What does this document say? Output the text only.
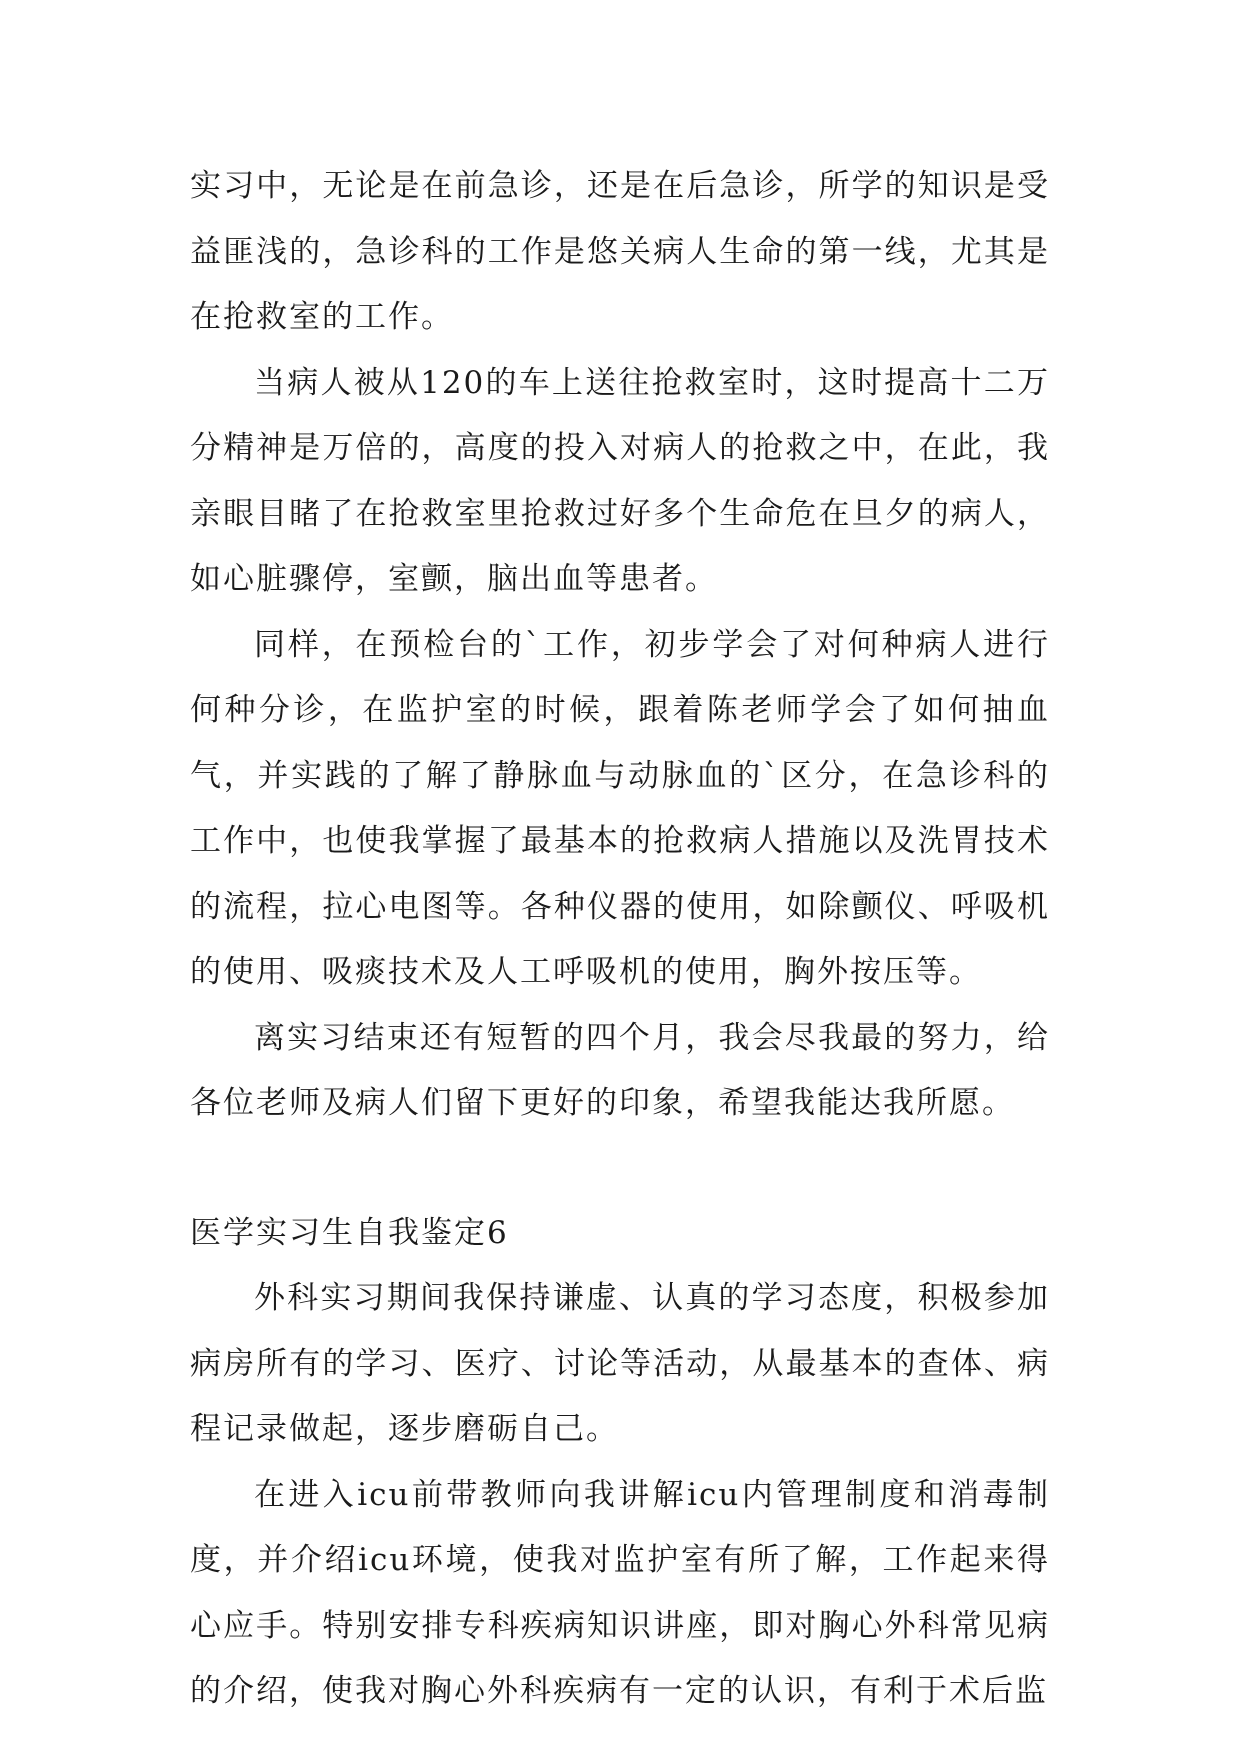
实习中，无论是在前急诊，还是在后急诊，所学的知识是受益匪浅的，急诊科的工作是悠关病人生命的第一线，尤其是在抢救室的工作。

当病人被从120的车上送往抢救室时，这时提高十二万分精神是万倍的，高度的投入对病人的抢救之中，在此，我亲眼目睹了在抢救室里抢救过好多个生命危在旦夕的病人，如心脏骤停，室颤，脑出血等患者。

同样，在预检台的`工作，初步学会了对何种病人进行何种分诊，在监护室的时候，跟着陈老师学会了如何抽血气，并实践的了解了静脉血与动脉血的`区分，在急诊科的工作中，也使我掌握了最基本的抢救病人措施以及洗胃技术的流程，拉心电图等。各种仪器的使用，如除颤仪、呼吸机的使用、吸痰技术及人工呼吸机的使用，胸外按压等。

离实习结束还有短暂的四个月，我会尽我最的努力，给各位老师及病人们留下更好的印象，希望我能达我所愿。

医学实习生自我鉴定6

外科实习期间我保持谦虚、认真的学习态度，积极参加病房所有的学习、医疗、讨论等活动，从最基本的查体、病程记录做起，逐步磨砺自己。

在进入icu前带教师向我讲解icu内管理制度和消毒制度，并介绍icu环境，使我对监护室有所了解，工作起来得心应手。特别安排专科疾病知识讲座，即对胸心外科常见病的介绍，使我对胸心外科疾病有一定的认识，有利于术后监
